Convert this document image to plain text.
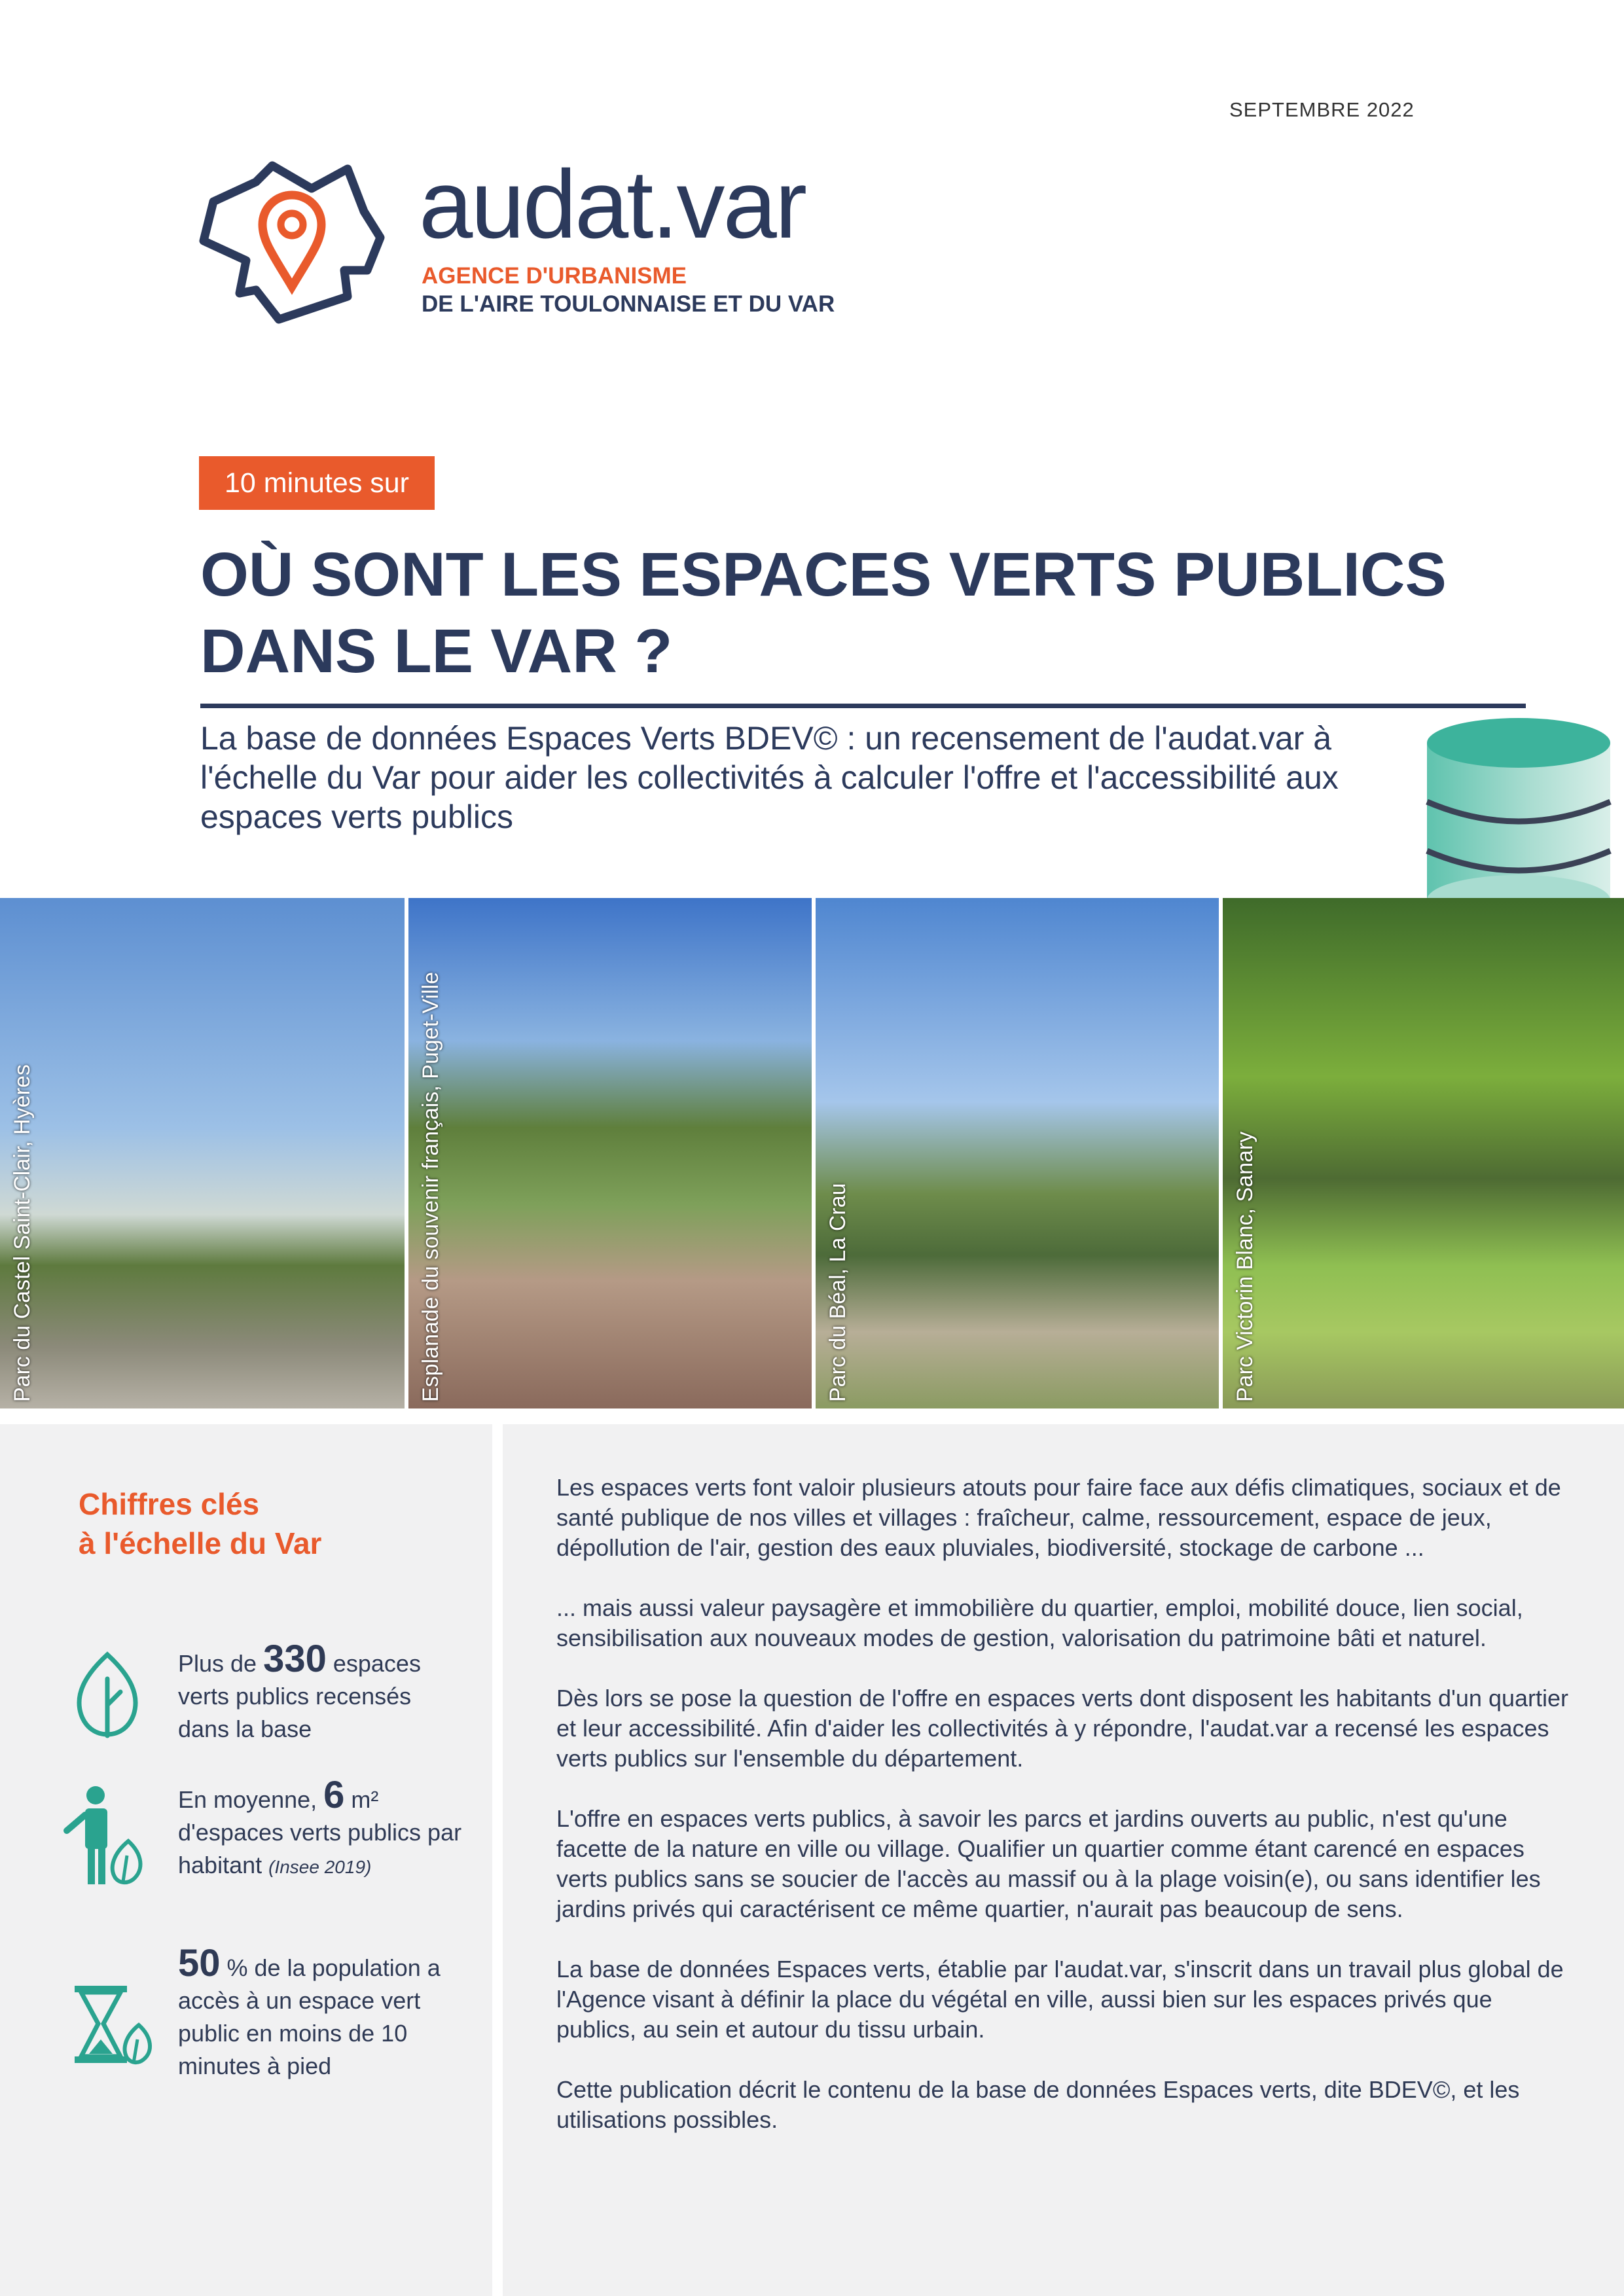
SEPTEMBRE 2022
audat.var
AGENCE D'URBANISME
DE L'AIRE TOULONNAISE ET DU VAR
10 minutes sur
OÙ SONT LES ESPACES VERTS PUBLICS
DANS LE VAR ?
La base de données Espaces Verts BDEV© : un recensement de l'audat.var à l'échelle du Var pour aider les collectivités à calculer l'offre et l'accessibilité aux espaces verts publics
Parc du Castel Saint-Clair, Hyères	Esplanade du souvenir français, Puget-Ville	Parc du Béal, La Crau	Parc Victorin Blanc, Sanary
Chiffres clés
à l'échelle du Var
Plus de 330 espaces verts publics recensés dans la base
En moyenne, 6 m² d'espaces verts publics par habitant (Insee 2019)
50 % de la population a accès à un espace vert public en moins de 10 minutes à pied

Les espaces verts font valoir plusieurs atouts pour faire face aux défis climatiques, sociaux et de santé publique de nos villes et villages : fraîcheur, calme, ressourcement, espace de jeux, dépollution de l'air, gestion des eaux pluviales, biodiversité, stockage de carbone ...

... mais aussi valeur paysagère et immobilière du quartier, emploi, mobilité douce, lien social, sensibilisation aux nouveaux modes de gestion, valorisation du patrimoine bâti et naturel.

Dès lors se pose la question de l'offre en espaces verts dont disposent les habitants d'un quartier et leur accessibilité. Afin d'aider les collectivités à y répondre, l'audat.var a recensé les espaces verts publics sur l'ensemble du département.

L'offre en espaces verts publics, à savoir les parcs et jardins ouverts au public, n'est qu'une facette de la nature en ville ou village. Qualifier un quartier comme étant carencé en espaces verts publics sans se soucier de l'accès au massif ou à la plage voisin(e), ou sans identifier les jardins privés qui caractérisent ce même quartier, n'aurait pas beaucoup de sens.

La base de données Espaces verts, établie par l'audat.var, s'inscrit dans un travail plus global de l'Agence visant à définir la place du végétal en ville, aussi bien sur les espaces privés que publics, au sein et autour du tissu urbain.

Cette publication décrit le contenu de la base de données Espaces verts, dite BDEV©, et les utilisations possibles.
